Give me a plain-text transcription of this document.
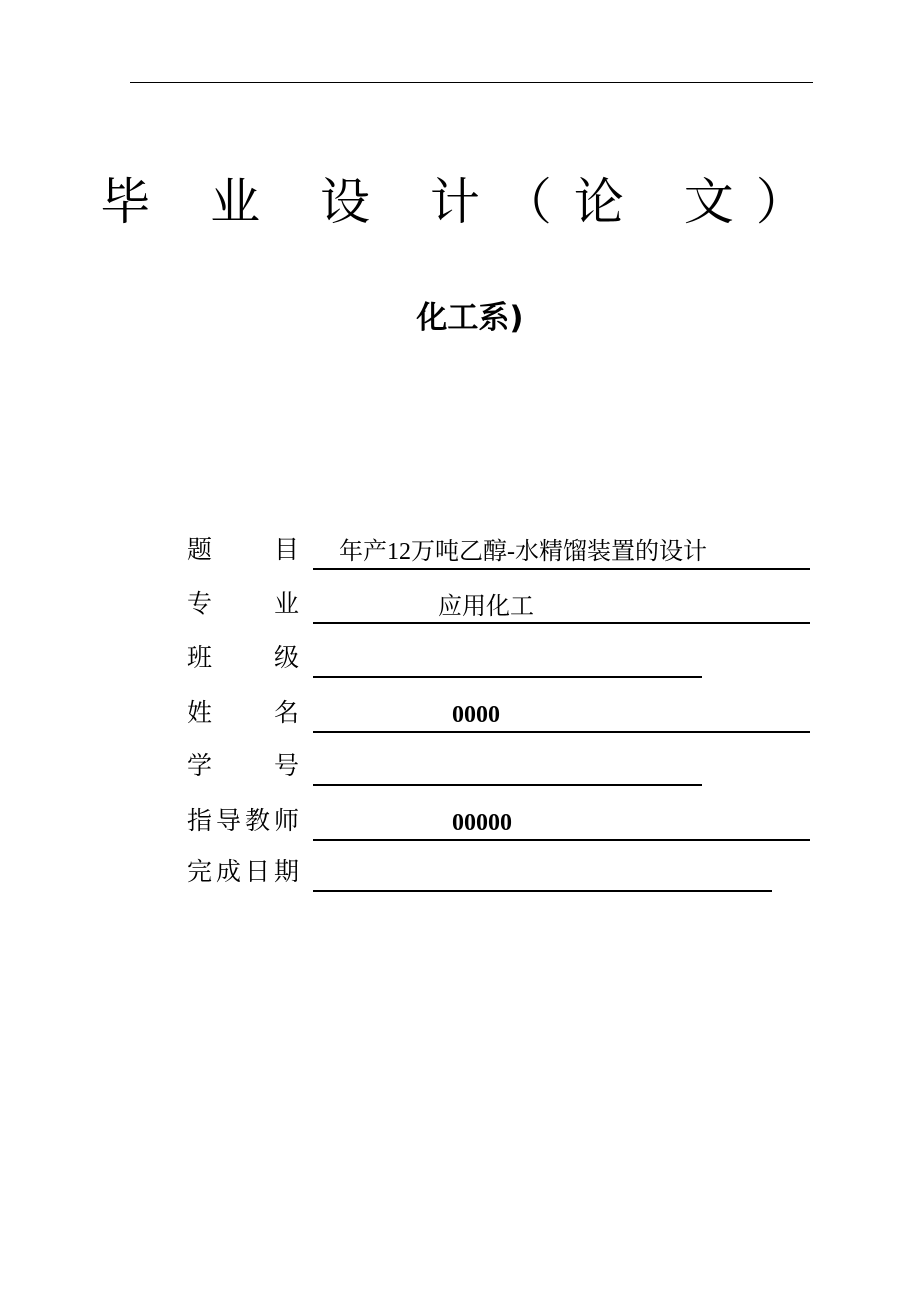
毕 业 设 计（论 文）
化工系)
题 目 年产12万吨乙醇-水精馏装置的设计
专 业	应用化工
班 级
姓 名	0000
学 号
指 导 教 师	00000
完 成 日 期
